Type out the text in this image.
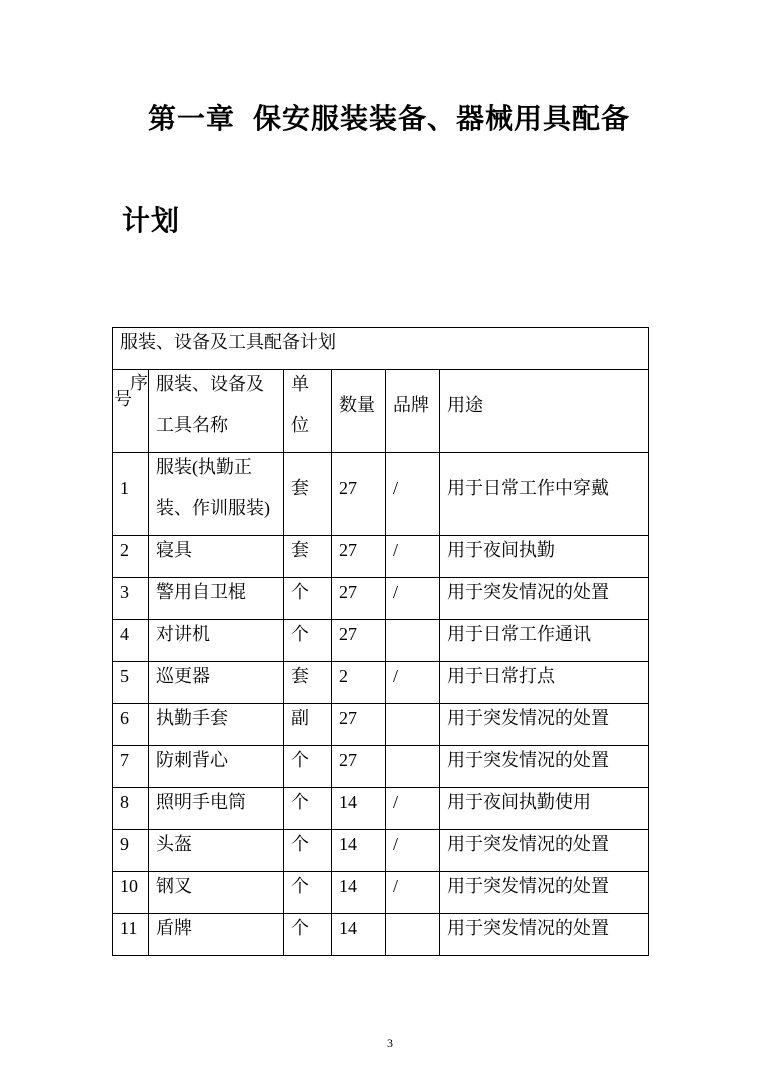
第一章 保安服装装备、器械用具配备
计划
服装、设备及工具配备计划					
序号	服装、设备及工具名称	单位	数量	品牌	用途
1	服装(执勤正装、作训服装)	套	27	/	用于日常工作中穿戴
2	寝具	套	27	/	用于夜间执勤
3	警用自卫棍	个	27	/	用于突发情况的处置
4	对讲机	个	27		用于日常工作通讯
5	巡更器	套	2	/	用于日常打点
6	执勤手套	副	27		用于突发情况的处置
7	防刺背心	个	27		用于突发情况的处置
8	照明手电筒	个	14	/	用于夜间执勤使用
9	头盔	个	14	/	用于突发情况的处置
10	钢叉	个	14	/	用于突发情况的处置
11	盾牌	个	14		用于突发情况的处置
3
